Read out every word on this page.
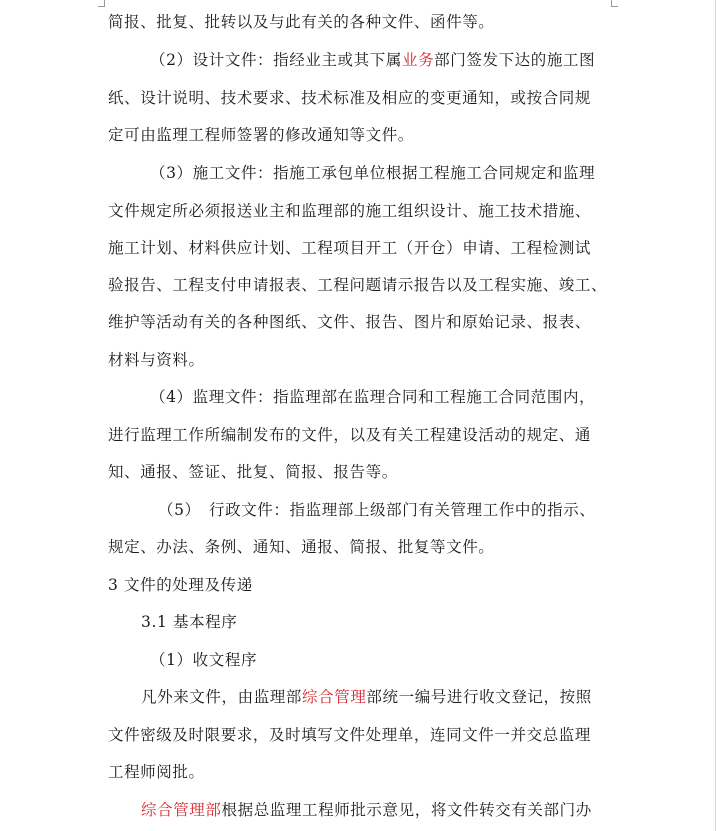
简报、批复、批转以及与此有关的各种文件、函件等。
（2）设计文件：指经业主或其下属业务部门签发下达的施工图
纸、设计说明、技术要求、技术标准及相应的变更通知，或按合同规
定可由监理工程师签署的修改通知等文件。
（3）施工文件：指施工承包单位根据工程施工合同规定和监理
文件规定所必须报送业主和监理部的施工组织设计、施工技术措施、
施工计划、材料供应计划、工程项目开工（开仓）申请、工程检测试
验报告、工程支付申请报表、工程问题请示报告以及工程实施、竣工、
维护等活动有关的各种图纸、文件、报告、图片和原始记录、报表、
材料与资料。
（4）监理文件：指监理部在监理合同和工程施工合同范围内，
进行监理工作所编制发布的文件，以及有关工程建设活动的规定、通
知、通报、签证、批复、简报、报告等。
（5）　行政文件：指监理部上级部门有关管理工作中的指示、
规定、办法、条例、通知、通报、简报、批复等文件。
3 文件的处理及传递
3.1 基本程序
（1）收文程序
凡外来文件，由监理部综合管理部统一编号进行收文登记，按照
文件密级及时限要求，及时填写文件处理单，连同文件一并交总监理
工程师阅批。
综合管理部根据总监理工程师批示意见，将文件转交有关部门办
